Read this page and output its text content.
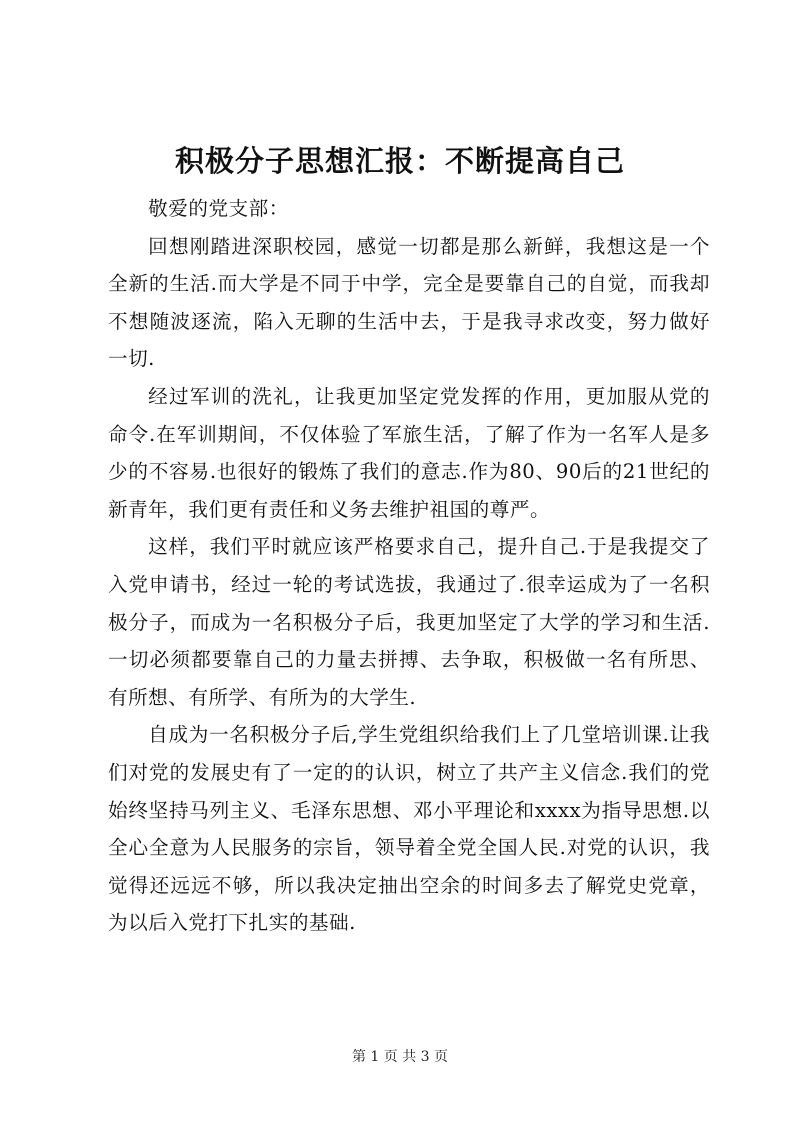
积极分子思想汇报：不断提高自己

敬爱的党支部：

回想刚踏进深职校园，感觉一切都是那么新鲜，我想这是一个全新的生活.而大学是不同于中学，完全是要靠自己的自觉，而我却不想随波逐流，陷入无聊的生活中去，于是我寻求改变，努力做好一切.

经过军训的洗礼，让我更加坚定党发挥的作用，更加服从党的命令.在军训期间，不仅体验了军旅生活，了解了作为一名军人是多少的不容易.也很好的锻炼了我们的意志.作为80、90后的21世纪的新青年，我们更有责任和义务去维护祖国的尊严。

这样，我们平时就应该严格要求自己，提升自己.于是我提交了入党申请书，经过一轮的考试选拔，我通过了.很幸运成为了一名积极分子，而成为一名积极分子后，我更加坚定了大学的学习和生活.一切必须都要靠自己的力量去拼搏、去争取，积极做一名有所思、有所想、有所学、有所为的大学生.

自成为一名积极分子后,学生党组织给我们上了几堂培训课.让我们对党的发展史有了一定的的认识，树立了共产主义信念.我们的党始终坚持马列主义、毛泽东思想、邓小平理论和xxxx为指导思想.以全心全意为人民服务的宗旨，领导着全党全国人民.对党的认识，我觉得还远远不够，所以我决定抽出空余的时间多去了解党史党章，为以后入党打下扎实的基础.

第 1 页 共 3 页
